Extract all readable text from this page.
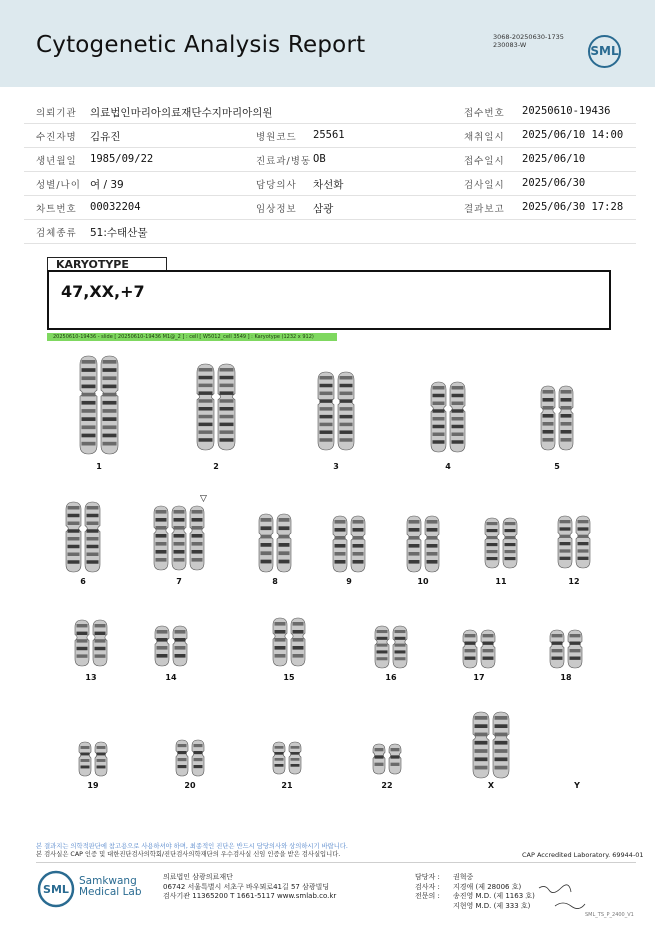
Cytogenetic Analysis Report	3068-20250630-1735
230083-W	SML
의뢰기관 의료법인마리아의료재단수지마리아의원	접수번호 20250610-19436
수진자명 김유진	병원코드 25561	채취일시 2025/06/10 14:00
생년월일 1985/09/22	진료과/병동 OB	접수일시 2025/06/10
성별/나이 여 / 39	담당의사 차선화	검사일시 2025/06/30
차트번호 00032204	임상정보 삼광	결과보고 2025/06/30 17:28
검체종류 51:수태산물
KARYOTYPE
47,XX,+7
20250610-19436 - slide [ 20250610-19436 M1@_2 ] : cell [ W5012_cell 3549 ] : Karyotype (1232 x 912)
1	2	3	4	5
6	7	8	9	10	11	12
13	14	15	16	17	18
19	20	21	22	X	Y
▽
본 결과지는 의학적판단에 참고용으로 사용하셔야 하며, 최종적인 진단은 반드시 담당의사와 상의하시기 바랍니다.
본 검사실은 CAP 인증 및 대한진단검사의학회/진단검사의학재단의 우수검사실 신임 인증을 받은 검사실입니다.	CAP Accredited Laboratory. 69944-01
SML
Samkwang
Medical Lab
의료법인 삼광의료재단
06742 서울특별시 서초구 바우뫼로41길 57 삼광빌딩
검사기관 11365200 T 1661-5117 www.smlab.co.kr
담당자 : 권혁중
검사자 : 지경애 (제 28006 호)
전문의 : 송진영 M.D. (제 1163 호)
지현영 M.D. (제 333 호)
SML_TS_P_2400_V1
